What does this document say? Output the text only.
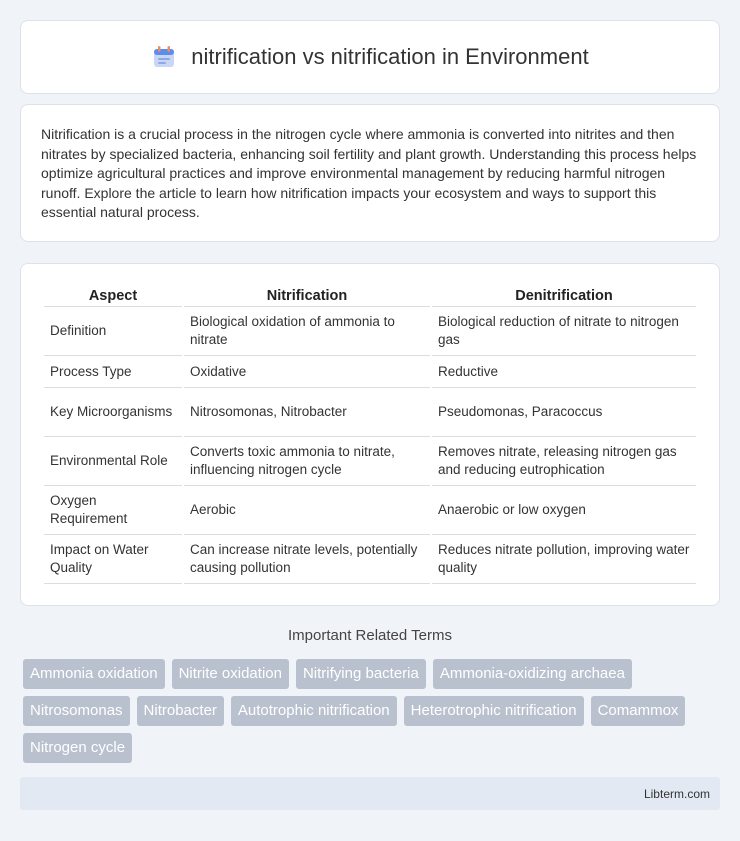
nitrification vs nitrification in Environment

Nitrification is a crucial process in the nitrogen cycle where ammonia is converted into nitrites and then nitrates by specialized bacteria, enhancing soil fertility and plant growth. Understanding this process helps optimize agricultural practices and improve environmental management by reducing harmful nitrogen runoff. Explore the article to learn how nitrification impacts your ecosystem and ways to support this essential natural process.

Aspect	Nitrification	Denitrification
Definition	Biological oxidation of ammonia to nitrate	Biological reduction of nitrate to nitrogen gas
Process Type	Oxidative	Reductive
Key Microorganisms	Nitrosomonas, Nitrobacter	Pseudomonas, Paracoccus
Environmental Role	Converts toxic ammonia to nitrate, influencing nitrogen cycle	Removes nitrate, releasing nitrogen gas and reducing eutrophication
Oxygen Requirement	Aerobic	Anaerobic or low oxygen
Impact on Water Quality	Can increase nitrate levels, potentially causing pollution	Reduces nitrate pollution, improving water quality
Important Related Terms
Ammonia oxidation	Nitrite oxidation	Nitrifying bacteria	Ammonia-oxidizing archaea
Nitrosomonas	Nitrobacter	Autotrophic nitrification	Heterotrophic nitrification	Comammox
Nitrogen cycle
Libterm.com
